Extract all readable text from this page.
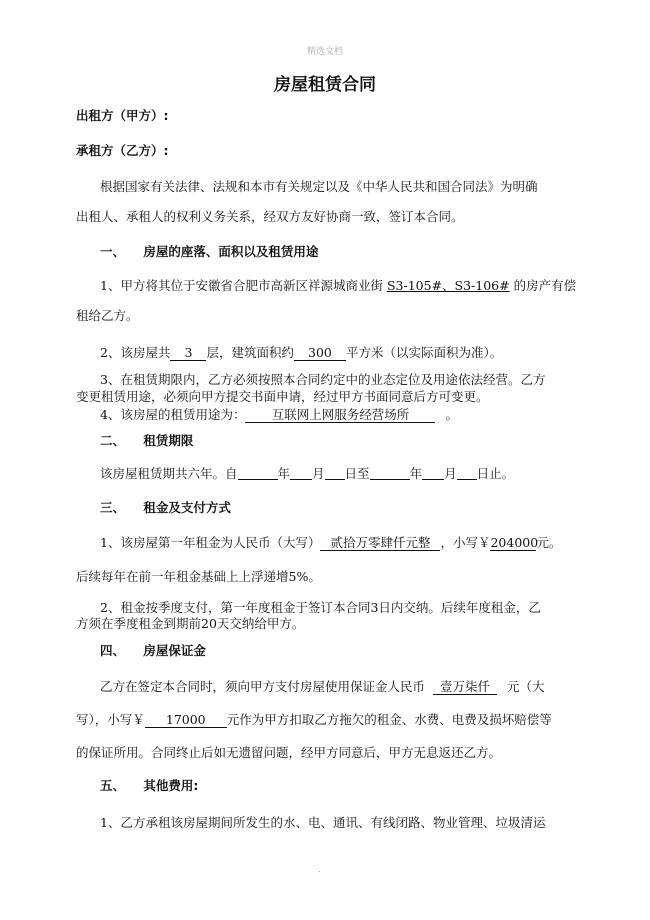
精选文档
房屋租赁合同
出租方（甲方）:
承租方（乙方）:
根据国家有关法律、法规和本市有关规定以及《中华人民共和国合同法》为明确
出租人、承租人的权利义务关系，经双方友好协商一致，签订本合同。
一、 房屋的座落、面积以及租赁用途
1、甲方将其位于安徽省合肥市高新区祥源城商业街 S3-105#、S3-106# 的房产有偿
租给乙方。
2、该房屋共 3 层，建筑面积约 300 平方米（以实际面积为准）。
3、在租赁期限内，乙方必须按照本合同约定中的业态定位及用途依法经营。乙方
变更租赁用途，必须向甲方提交书面申请，经过甲方书面同意后方可变更。
4、该房屋的租赁用途为： 互联网上网服务经营场所	。
二、 租赁期限
该房屋租赁期共六年。自	年 月 日至	年 月 日止。
三、 租金及支付方式
1、该房屋第一年租金为人民币（大写） 贰拾万零肆仟元整 ，小写￥204000元。
后续每年在前一年租金基础上上浮递增5%。
2、租金按季度支付，第一年度租金于签订本合同3日内交纳。后续年度租金，乙
方须在季度租金到期前20天交纳给甲方。
四、 房屋保证金
乙方在签定本合同时，须向甲方支付房屋使用保证金人民币 壹万柒仟 元（大
写），小写￥ 17000 元作为甲方扣取乙方拖欠的租金、水费、电费及损坏赔偿等
的保证所用。合同终止后如无遗留问题，经甲方同意后，甲方无息返还乙方。
五、 其他费用:
1、乙方承租该房屋期间所发生的水、电、通讯、有线闭路、物业管理、垃圾清运
.
